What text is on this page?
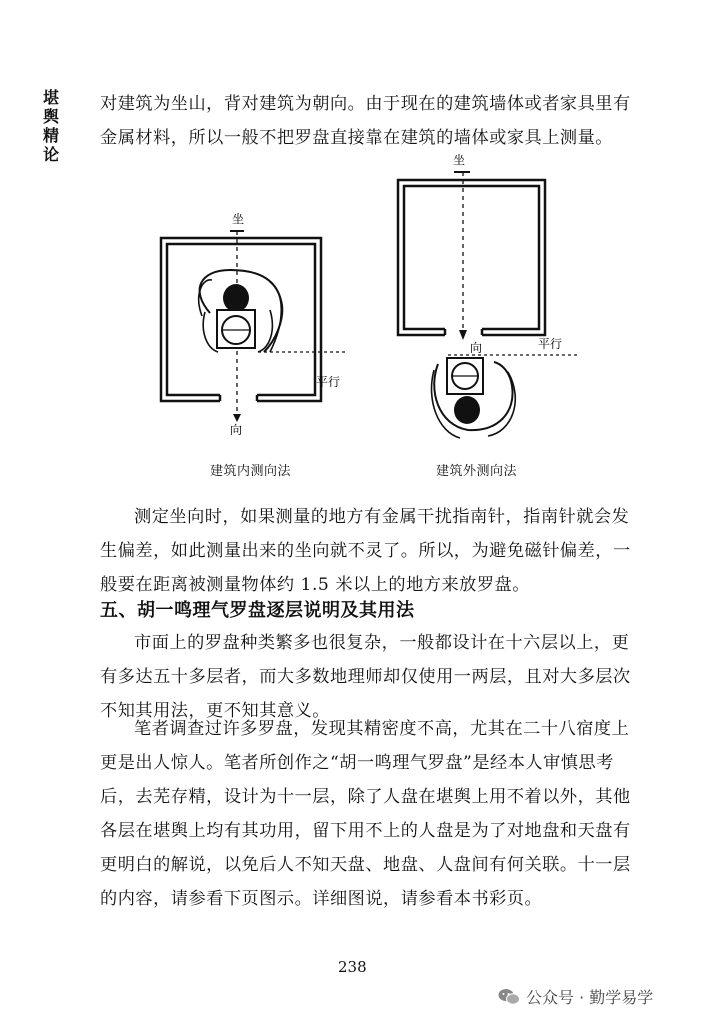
堪舆精论

对建筑为坐山，背对建筑为朝向。由于现在的建筑墙体或者家具里有金属材料，所以一般不把罗盘直接靠在建筑的墙体或家具上测量。

坐
向
平行
建筑内测向法
坐
向	平行
建筑外测向法

测定坐向时，如果测量的地方有金属干扰指南针，指南针就会发生偏差，如此测量出来的坐向就不灵了。所以，为避免磁针偏差，一般要在距离被测量物体约 1.5 米以上的地方来放罗盘。

五、胡一鸣理气罗盘逐层说明及其用法

市面上的罗盘种类繁多也很复杂，一般都设计在十六层以上，更有多达五十多层者，而大多数地理师却仅使用一两层，且对大多层次不知其用法，更不知其意义。

笔者调查过许多罗盘，发现其精密度不高，尤其在二十八宿度上更是出人惊人。笔者所创作之“胡一鸣理气罗盘”是经本人审慎思考后，去芜存精，设计为十一层，除了人盘在堪舆上用不着以外，其他各层在堪舆上均有其功用，留下用不上的人盘是为了对地盘和天盘有更明白的解说，以免后人不知天盘、地盘、人盘间有何关联。十一层的内容，请参看下页图示。详细图说，请参看本书彩页。

238
公众号 · 勤学易学
